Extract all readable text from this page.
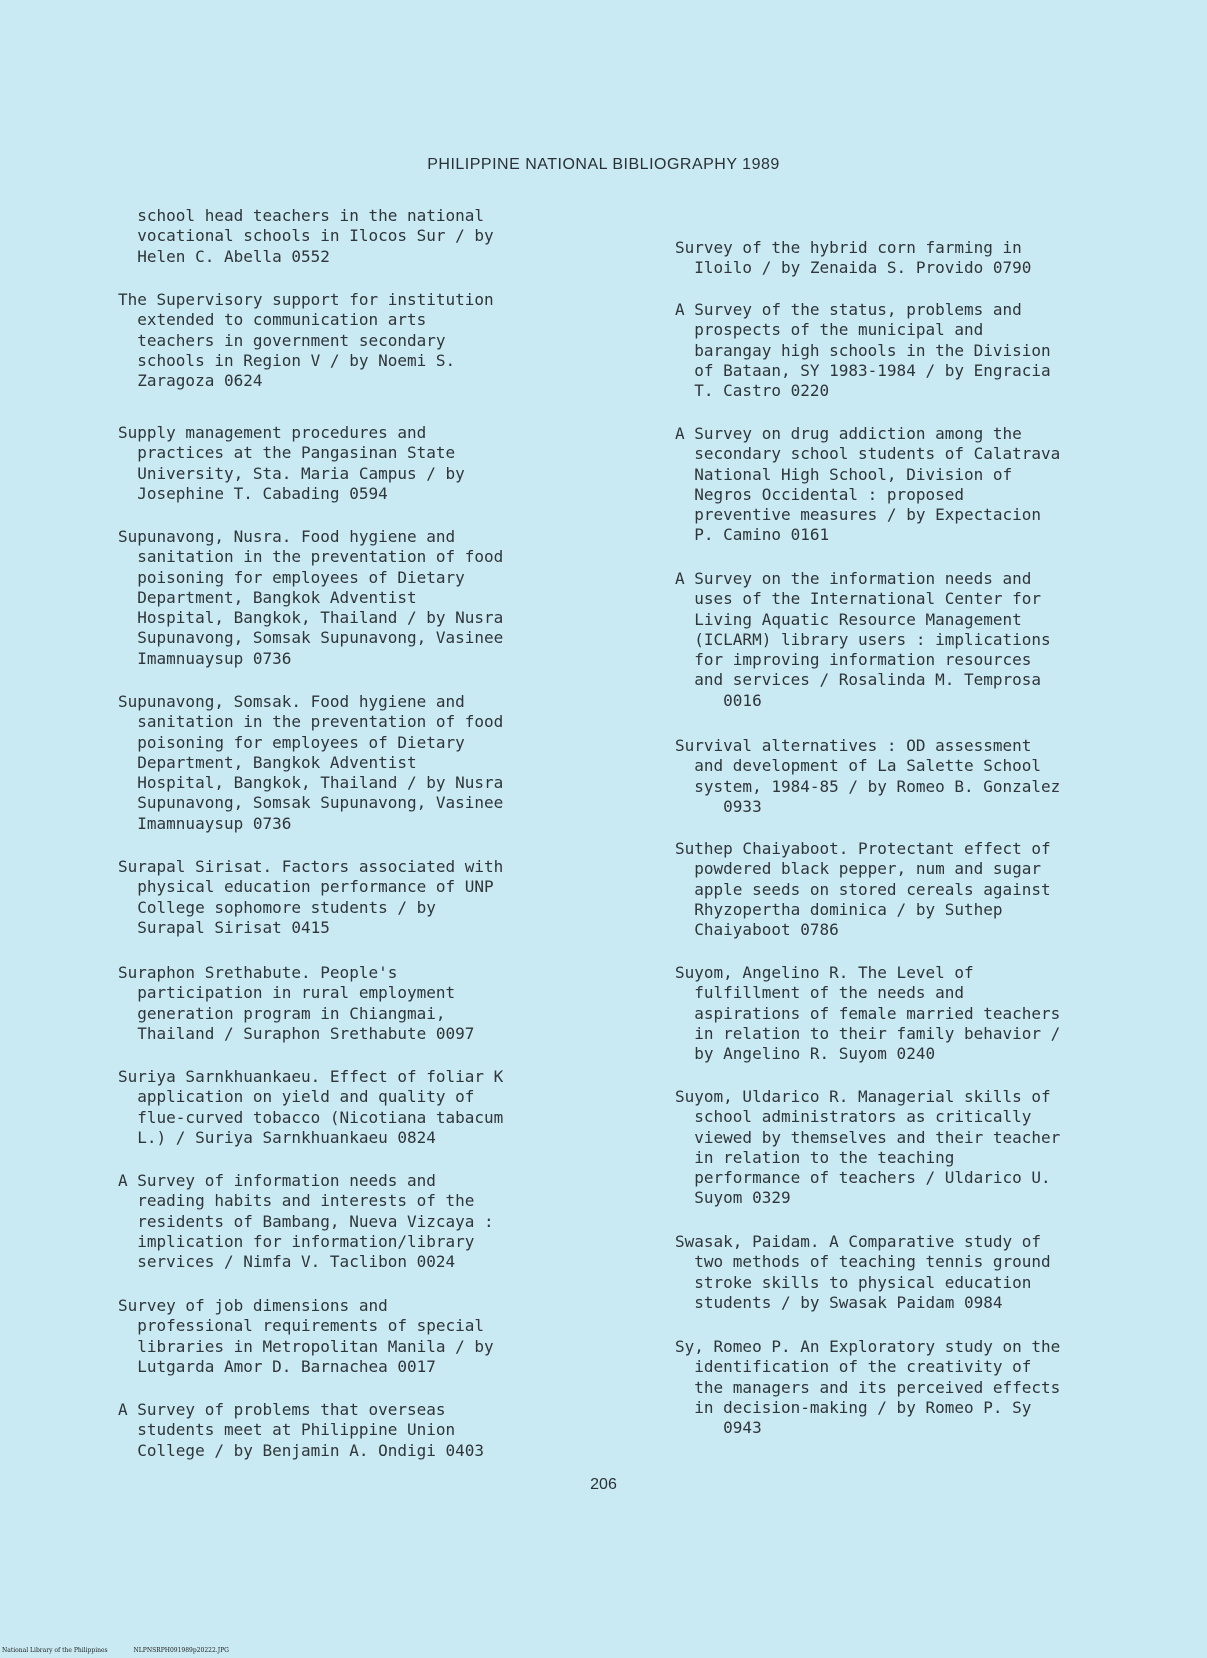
PHILIPPINE NATIONAL BIBLIOGRAPHY 1989
school head teachers in the national
vocational schools in Ilocos Sur / by
Helen C. Abella 0552
The Supervisory support for institution
extended to communication arts
teachers in government secondary
schools in Region V / by Noemi S.
Zaragoza 0624
Supply management procedures and
practices at the Pangasinan State
University, Sta. Maria Campus / by
Josephine T. Cabading 0594
Supunavong, Nusra. Food hygiene and
sanitation in the preventation of food
poisoning for employees of Dietary
Department, Bangkok Adventist
Hospital, Bangkok, Thailand / by Nusra
Supunavong, Somsak Supunavong, Vasinee
Imamnuaysup 0736
Supunavong, Somsak. Food hygiene and
sanitation in the preventation of food
poisoning for employees of Dietary
Department, Bangkok Adventist
Hospital, Bangkok, Thailand / by Nusra
Supunavong, Somsak Supunavong, Vasinee
Imamnuaysup 0736
Surapal Sirisat. Factors associated with
physical education performance of UNP
College sophomore students / by
Surapal Sirisat 0415
Suraphon Srethabute. People's
participation in rural employment
generation program in Chiangmai,
Thailand / Suraphon Srethabute 0097
Suriya Sarnkhuankaeu. Effect of foliar K
application on yield and quality of
flue-curved tobacco (Nicotiana tabacum
L.) / Suriya Sarnkhuankaeu 0824
A Survey of information needs and
reading habits and interests of the
residents of Bambang, Nueva Vizcaya :
implication for information/library
services / Nimfa V. Taclibon 0024
Survey of job dimensions and
professional requirements of special
libraries in Metropolitan Manila / by
Lutgarda Amor D. Barnachea 0017
A Survey of problems that overseas
students meet at Philippine Union
College / by Benjamin A. Ondigi 0403
Survey of the hybrid corn farming in
Iloilo / by Zenaida S. Provido 0790
A Survey of the status, problems and
prospects of the municipal and
barangay high schools in the Division
of Bataan, SY 1983-1984 / by Engracia
T. Castro 0220
A Survey on drug addiction among the
secondary school students of Calatrava
National High School, Division of
Negros Occidental : proposed
preventive measures / by Expectacion
P. Camino 0161
A Survey on the information needs and
uses of the International Center for
Living Aquatic Resource Management
(ICLARM) library users : implications
for improving information resources
and services / Rosalinda M. Temprosa
0016
Survival alternatives : OD assessment
and development of La Salette School
system, 1984-85 / by Romeo B. Gonzalez
0933
Suthep Chaiyaboot. Protectant effect of
powdered black pepper, num and sugar
apple seeds on stored cereals against
Rhyzopertha dominica / by Suthep
Chaiyaboot 0786
Suyom, Angelino R. The Level of
fulfillment of the needs and
aspirations of female married teachers
in relation to their family behavior /
by Angelino R. Suyom 0240
Suyom, Uldarico R. Managerial skills of
school administrators as critically
viewed by themselves and their teacher
in relation to the teaching
performance of teachers / Uldarico U.
Suyom 0329
Swasak, Paidam. A Comparative study of
two methods of teaching tennis ground
stroke skills to physical education
students / by Swasak Paidam 0984
Sy, Romeo P. An Exploratory study on the
identification of the creativity of
the managers and its perceived effects
in decision-making / by Romeo P. Sy
0943
206
National Library of the Philippines	NLPNSRPH091989p20222.JPG
